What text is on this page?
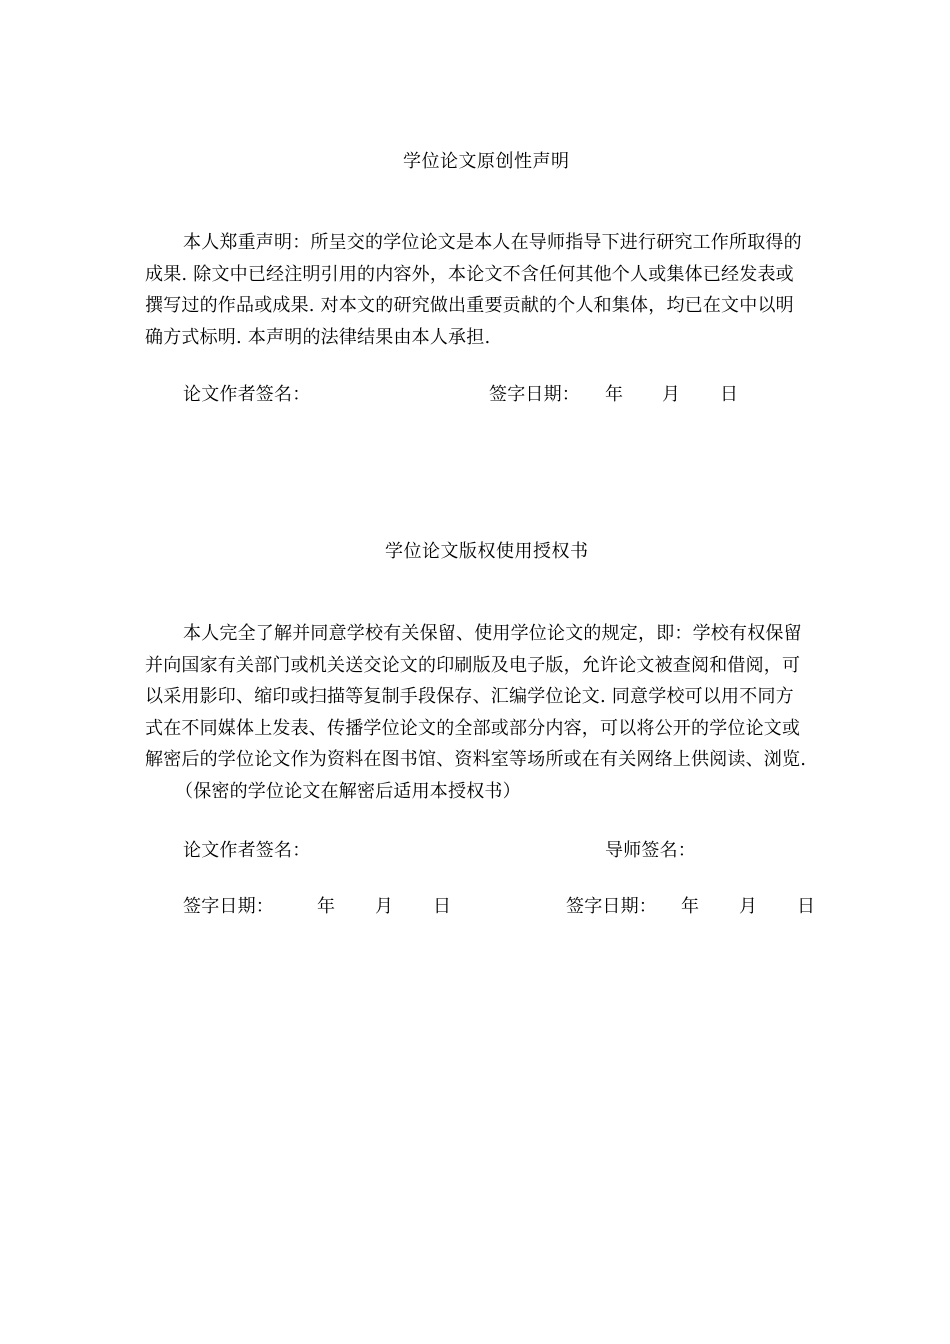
学位论文原创性声明
本人郑重声明：所呈交的学位论文是本人在导师指导下进行研究工作所取得的
成果. 除文中已经注明引用的内容外，本论文不含任何其他个人或集体已经发表或
撰写过的作品或成果. 对本文的研究做出重要贡献的个人和集体，均已在文中以明
确方式标明. 本声明的法律结果由本人承担.
论文作者签名：	签字日期： 年 月 日
学位论文版权使用授权书
本人完全了解并同意学校有关保留、使用学位论文的规定，即：学校有权保留
并向国家有关部门或机关送交论文的印刷版及电子版，允许论文被查阅和借阅，可
以采用影印、缩印或扫描等复制手段保存、汇编学位论文. 同意学校可以用不同方
式在不同媒体上发表、传播学位论文的全部或部分内容，可以将公开的学位论文或
解密后的学位论文作为资料在图书馆、资料室等场所或在有关网络上供阅读、浏览.
（保密的学位论文在解密后适用本授权书）
论文作者签名：	导师签名：
签字日期： 年 月 日	签字日期： 年 月 日
